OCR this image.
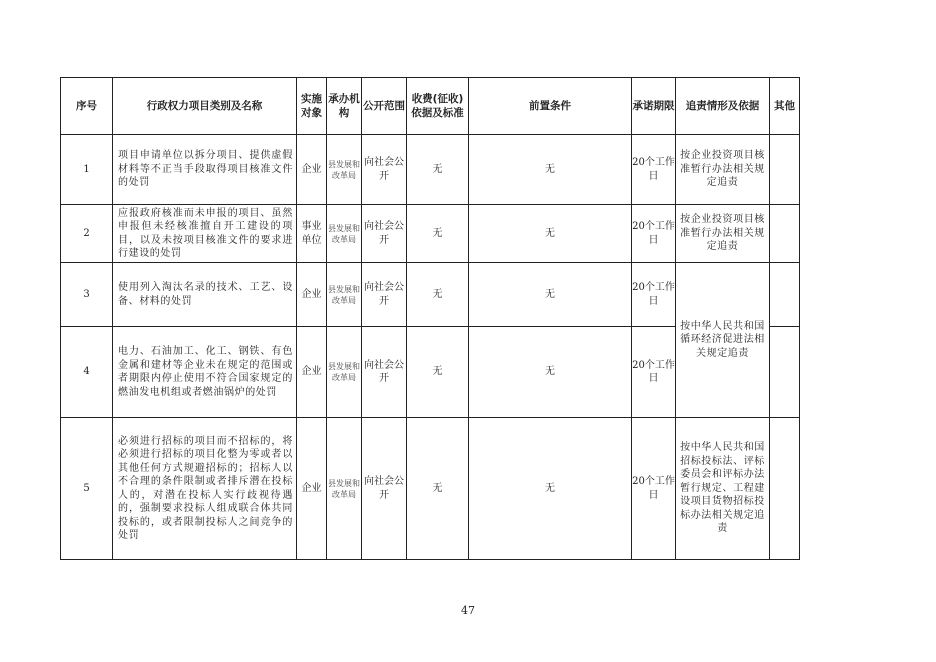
序号	行政权力项目类别及名称	实施对象	承办机构	公开范围	收费(征收)依据及标准	前置条件	承诺期限	追责情形及依据	其他
1	项目申请单位以拆分项目、提供虚假材料等不正当手段取得项目核准文件的处罚	企业	县发展和改革局	向社会公开	无	无	20个工作日	按企业投资项目核准暂行办法相关规定追责	
2	应报政府核准而未申报的项目、虽然申报但未经核准擅自开工建设的项目，以及未按项目核准文件的要求进行建设的处罚	事业单位	县发展和改革局	向社会公开	无	无	20个工作日	按企业投资项目核准暂行办法相关规定追责	
3	使用列入淘汰名录的技术、工艺、设备、材料的处罚	企业	县发展和改革局	向社会公开	无	无	20个工作日	按中华人民共和国循环经济促进法相关规定追责	
4	电力、石油加工、化工、钢铁、有色金属和建材等企业未在规定的范围或者期限内停止使用不符合国家规定的燃油发电机组或者燃油锅炉的处罚	企业	县发展和改革局	向社会公开	无	无	20个工作日		
5	必须进行招标的项目而不招标的，将必须进行招标的项目化整为零或者以其他任何方式规避招标的；招标人以不合理的条件限制或者排斥潜在投标人的，对潜在投标人实行歧视待遇的，强制要求投标人组成联合体共同投标的，或者限制投标人之间竞争的处罚	企业	县发展和改革局	向社会公开	无	无	20个工作日	按中华人民共和国招标投标法、评标委员会和评标办法暂行规定、工程建设项目货物招标投标办法相关规定追责	
47
